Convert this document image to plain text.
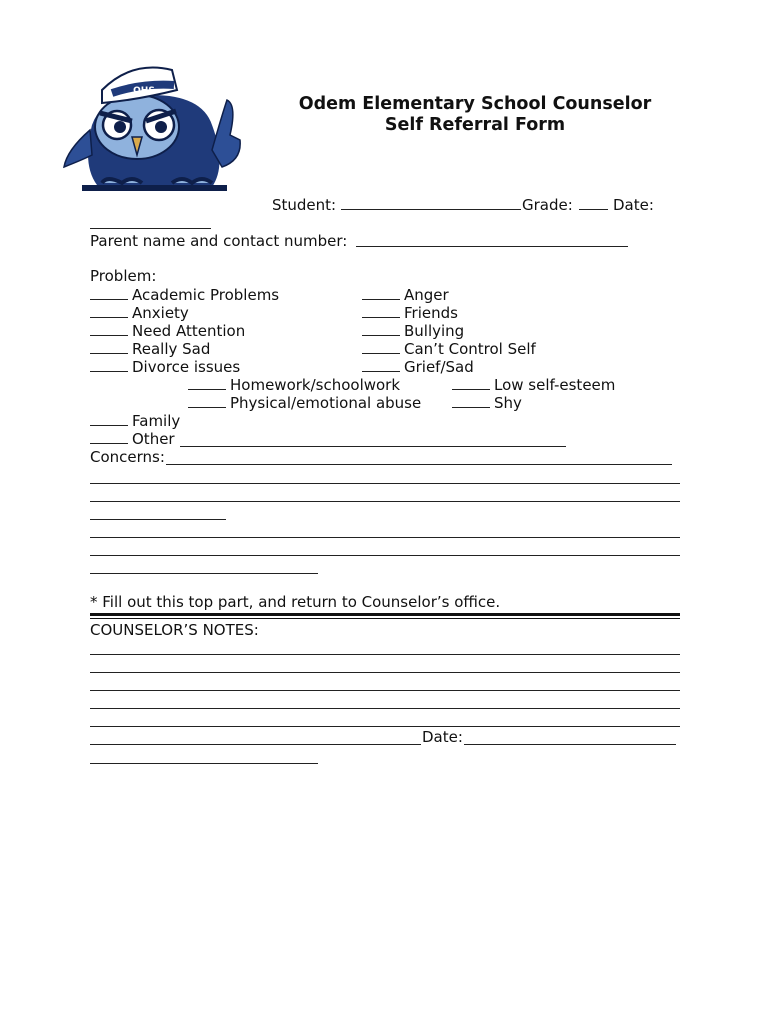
OHS
Odem Elementary School Counselor
Self Referral Form
Student:	Grade:	Date:
Parent name and contact number:
Problem:
Academic Problems
Anxiety
Need Attention
Really Sad
Divorce issues
Anger
Friends
Bullying
Can’t Control Self
Grief/Sad
Homework/schoolwork
Physical/emotional abuse
Low self-esteem
Shy
Family
Other
Concerns:
* Fill out this top part, and return to Counselor’s office.
COUNSELOR’S NOTES:
Date:
